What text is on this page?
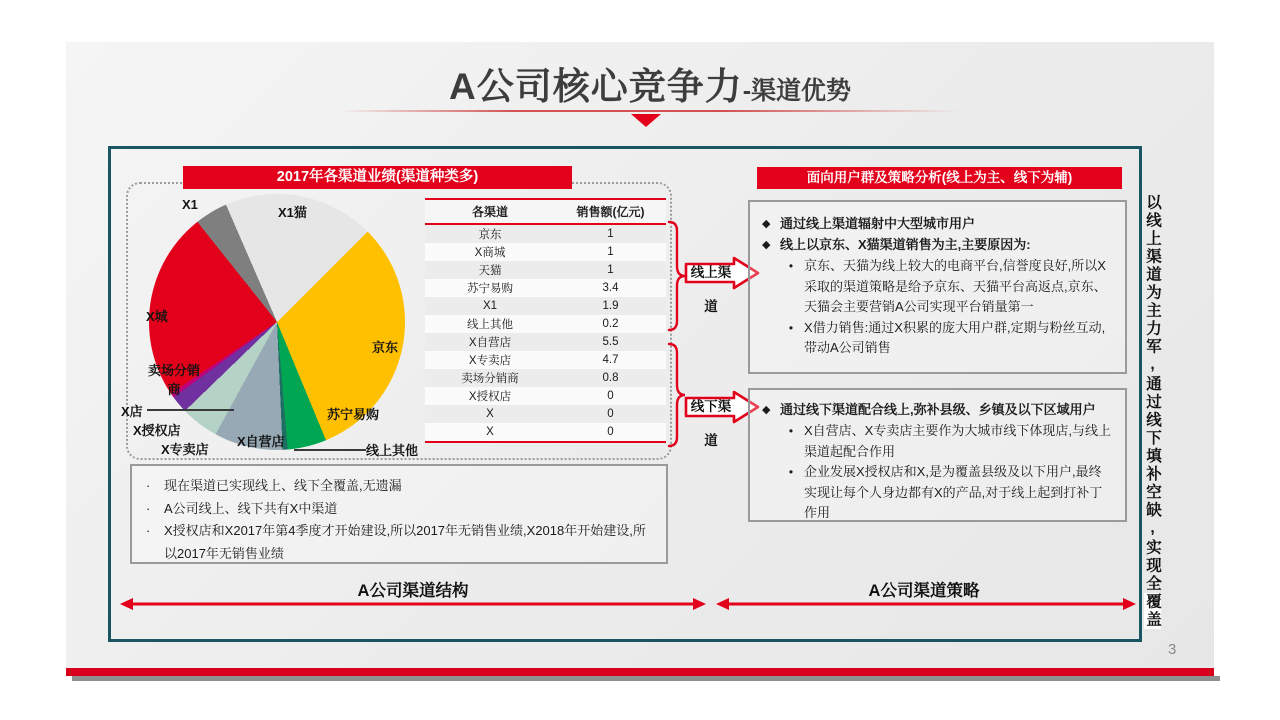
A公司核心竞争力-渠道优势
2017年各渠道业绩(渠道种类多)
X1
X1猫
X城
京东
卖场分销商
X店
X授权店
X专卖店
X自营店
苏宁易购
线上其他
各渠道	销售额(亿元)
京东	1
X商城	1
天猫	1
苏宁易购	3.4
X1	1.9
线上其他	0.2
X自营店	5.5
X专卖店	4.7
卖场分销商	0.8
X授权店	0
X	0
X	0
线上渠道
线下渠道
·	现在渠道已实现线上、线下全覆盖,无遗漏
·	A公司线上、线下共有X中渠道
·	X授权店和X2017年第4季度才开始建设,所以2017年无销售业绩,X2018年开始建设,所以2017年无销售业绩
面向用户群及策略分析(线上为主、线下为辅)
◆ 通过线上渠道辐射中大型城市用户
◆ 线上以京东、X猫渠道销售为主,主要原因为:
• 京东、天猫为线上较大的电商平台,信誉度良好,所以X采取的渠道策略是给予京东、天猫平台高返点,京东、天猫会主要营销A公司实现平台销量第一
• X借力销售:通过X积累的庞大用户群,定期与粉丝互动,带动A公司销售
◆ 通过线下渠道配合线上,弥补县级、乡镇及以下区域用户
• X自营店、X专卖店主要作为大城市线下体现店,与线上渠道起配合作用
• 企业发展X授权店和X,是为覆盖县级及以下用户,最终实现让每个人身边都有X的产品,对于线上起到打补丁作用
A公司渠道结构	A公司渠道策略	以线上渠道为主力军,通过线下填补空缺,实现全覆盖
3
